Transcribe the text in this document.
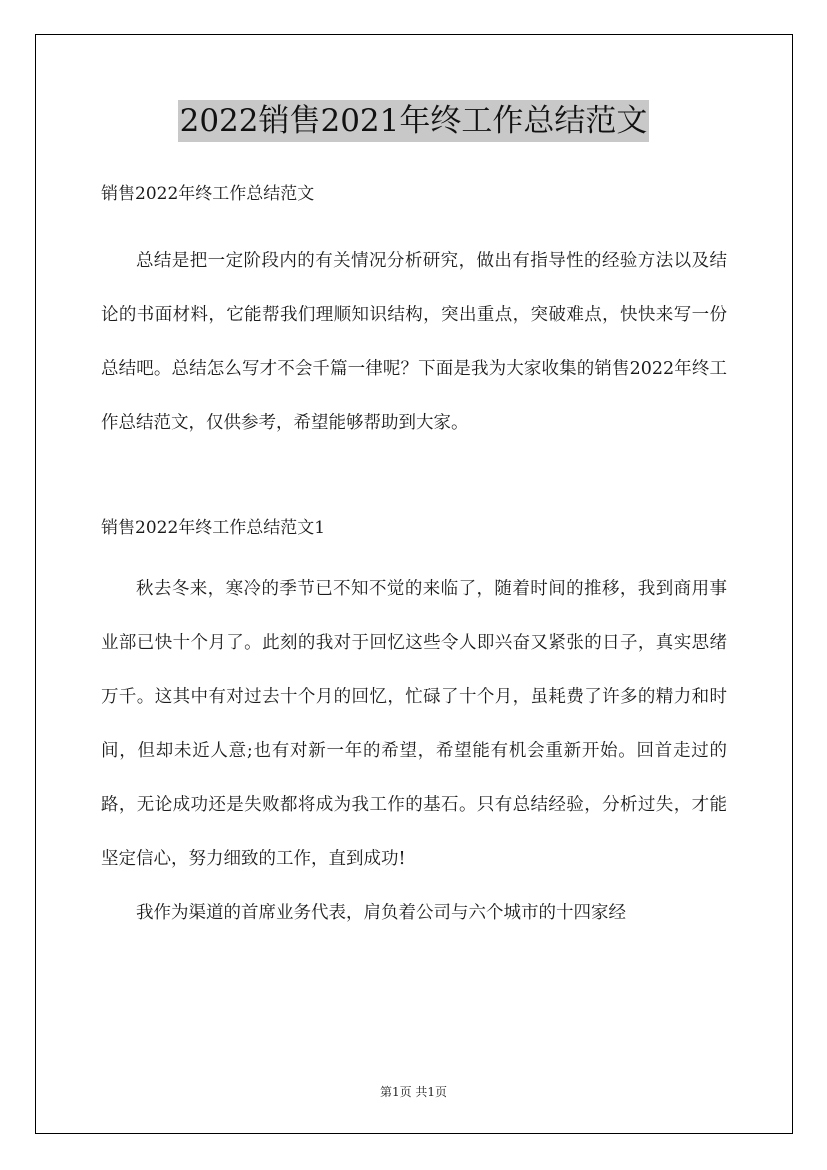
2022销售2021年终工作总结范文

销售2022年终工作总结范文

总结是把一定阶段内的有关情况分析研究，做出有指导性的经验方法以及结论的书面材料，它能帮我们理顺知识结构，突出重点，突破难点，快快来写一份总结吧。总结怎么写才不会千篇一律呢？下面是我为大家收集的销售2022年终工作总结范文，仅供参考，希望能够帮助到大家。

销售2022年终工作总结范文1

秋去冬来，寒冷的季节已不知不觉的来临了，随着时间的推移，我到商用事业部已快十个月了。此刻的我对于回忆这些令人即兴奋又紧张的日子，真实思绪万千。这其中有对过去十个月的回忆，忙碌了十个月，虽耗费了许多的精力和时间，但却未近人意;也有对新一年的希望，希望能有机会重新开始。回首走过的路，无论成功还是失败都将成为我工作的基石。只有总结经验，分析过失，才能坚定信心，努力细致的工作，直到成功!

我作为渠道的首席业务代表，肩负着公司与六个城市的十四家经

第1页 共1页
